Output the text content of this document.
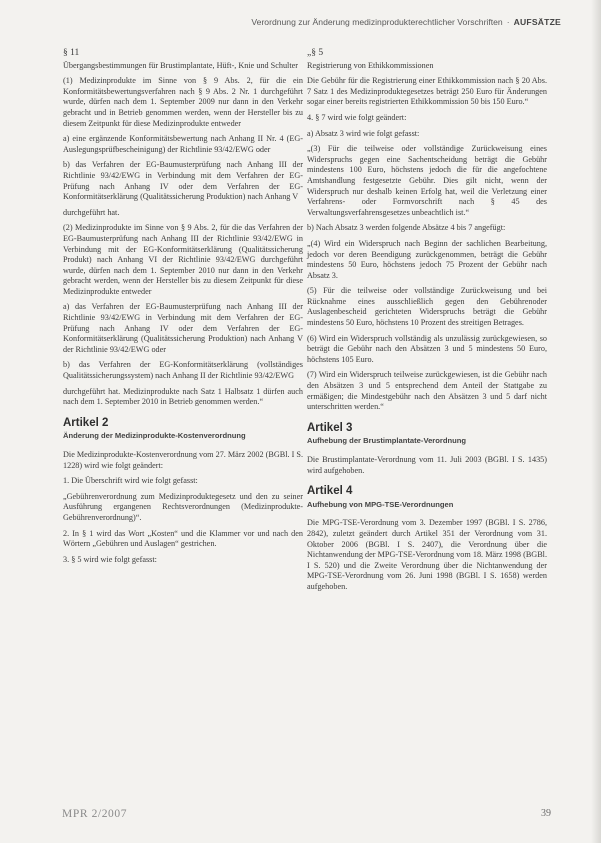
Verordnung zur Änderung medizinprodukterechtlicher Vorschriften · AUFSÄTZE

§ 11

Übergangsbestimmungen für Brustimplantate, Hüft-, Knie und Schulter

(1) Medizinprodukte im Sinne von § 9 Abs. 2, für die ein Konformitätsbewertungsverfahren nach § 9 Abs. 2 Nr. 1 durchgeführt wurde, dürfen nach dem 1. September 2009 nur dann in den Verkehr gebracht und in Betrieb genommen werden, wenn der Hersteller bis zu diesem Zeitpunkt für diese Medizinprodukte entweder

a) eine ergänzende Konformitätsbewertung nach Anhang II Nr. 4 (EG-Auslegungsprüfbescheinigung) der Richtlinie 93/42/EWG oder

b) das Verfahren der EG-Baumusterprüfung nach Anhang III der Richtlinie 93/42/EWG in Verbindung mit dem Verfahren der EG-Prüfung nach Anhang IV oder dem Verfahren der EG-Konformitätserklärung (Qualitätssicherung Produktion) nach Anhang V

durchgeführt hat.

(2) Medizinprodukte im Sinne von § 9 Abs. 2, für die das Verfahren der EG-Baumusterprüfung nach Anhang III der Richtlinie 93/42/EWG in Verbindung mit der EG-Konformitätserklärung (Qualitätssicherung Produkt) nach Anhang VI der Richtlinie 93/42/EWG durchgeführt wurde, dürfen nach dem 1. September 2010 nur dann in den Verkehr gebracht werden, wenn der Hersteller bis zu diesem Zeitpunkt für diese Medizinprodukte entweder

a) das Verfahren der EG-Baumusterprüfung nach Anhang III der Richtlinie 93/42/EWG in Verbindung mit dem Verfahren der EG-Prüfung nach Anhang IV oder dem Verfahren der EG-Konformitätserklärung (Qualitätssicherung Produktion) nach Anhang V der Richtlinie 93/42/EWG oder

b) das Verfahren der EG-Konformitätserklärung (vollständiges Qualitätssicherungssystem) nach Anhang II der Richtlinie 93/42/EWG

durchgeführt hat. Medizinprodukte nach Satz 1 Halbsatz 1 dürfen auch nach dem 1. September 2010 in Betrieb genommen werden.“

Artikel 2

Änderung der Medizinprodukte-Kostenverordnung

Die Medizinprodukte-Kostenverordnung vom 27. März 2002 (BGBl. I S. 1228) wird wie folgt geändert:

1. Die Überschrift wird wie folgt gefasst:

„Gebührenverordnung zum Medizinproduktegesetz und den zu seiner Ausführung ergangenen Rechtsverordnungen (Medizinprodukte-Gebührenverordnung)“.

2. In § 1 wird das Wort „Kosten“ und die Klammer vor und nach den Wörtern „Gebühren und Auslagen“ gestrichen.

3. § 5 wird wie folgt gefasst:

„§ 5

Registrierung von Ethikkommissionen

Die Gebühr für die Registrierung einer Ethikkommission nach § 20 Abs. 7 Satz 1 des Medizinproduktegesetzes beträgt 250 Euro für Änderungen sogar einer bereits registrierten Ethikkommission 50 bis 150 Euro.“

4. § 7 wird wie folgt geändert:

a) Absatz 3 wird wie folgt gefasst:

„(3) Für die teilweise oder vollständige Zurückweisung eines Widerspruchs gegen eine Sachentscheidung beträgt die Gebühr mindestens 100 Euro, höchstens jedoch die für die angefochtene Amtshandlung festgesetzte Gebühr. Dies gilt nicht, wenn der Widerspruch nur deshalb keinen Erfolg hat, weil die Verletzung einer Verfahrens- oder Formvorschrift nach § 45 des Verwaltungsverfahrensgesetzes unbeachtlich ist.“

b) Nach Absatz 3 werden folgende Absätze 4 bis 7 angefügt:

„(4) Wird ein Widerspruch nach Beginn der sachlichen Bearbeitung, jedoch vor deren Beendigung zurückgenommen, beträgt die Gebühr mindestens 50 Euro, höchstens jedoch 75 Prozent der Gebühr nach Absatz 3.

(5) Für die teilweise oder vollständige Zurückweisung und bei Rücknahme eines ausschließlich gegen den Gebührenoder Auslagenbescheid gerichteten Widerspruchs beträgt die Gebühr mindestens 50 Euro, höchstens 10 Prozent des streitigen Betrages.

(6) Wird ein Widerspruch vollständig als unzulässig zurückgewiesen, so beträgt die Gebühr nach den Absätzen 3 und 5 mindestens 50 Euro, höchstens 105 Euro.

(7) Wird ein Widerspruch teilweise zurückgewiesen, ist die Gebühr nach den Absätzen 3 und 5 entsprechend dem Anteil der Stattgabe zu ermäßigen; die Mindestgebühr nach den Absätzen 3 und 5 darf nicht unterschritten werden.“

Artikel 3

Aufhebung der Brustimplantate-Verordnung

Die Brustimplantate-Verordnung vom 11. Juli 2003 (BGBl. I S. 1435) wird aufgehoben.

Artikel 4

Aufhebung von MPG-TSE-Verordnungen

Die MPG-TSE-Verordnung vom 3. Dezember 1997 (BGBl. I S. 2786, 2842), zuletzt geändert durch Artikel 351 der Verordnung vom 31. Oktober 2006 (BGBl. I S. 2407), die Verordnung über die Nichtanwendung der MPG-TSE-Verordnung vom 18. März 1998 (BGBl. I S. 520) und die Zweite Verordnung über die Nichtanwendung der MPG-TSE-Verordnung vom 26. Juni 1998 (BGBl. I S. 1658) werden aufgehoben.

MPR 2/2007	39
